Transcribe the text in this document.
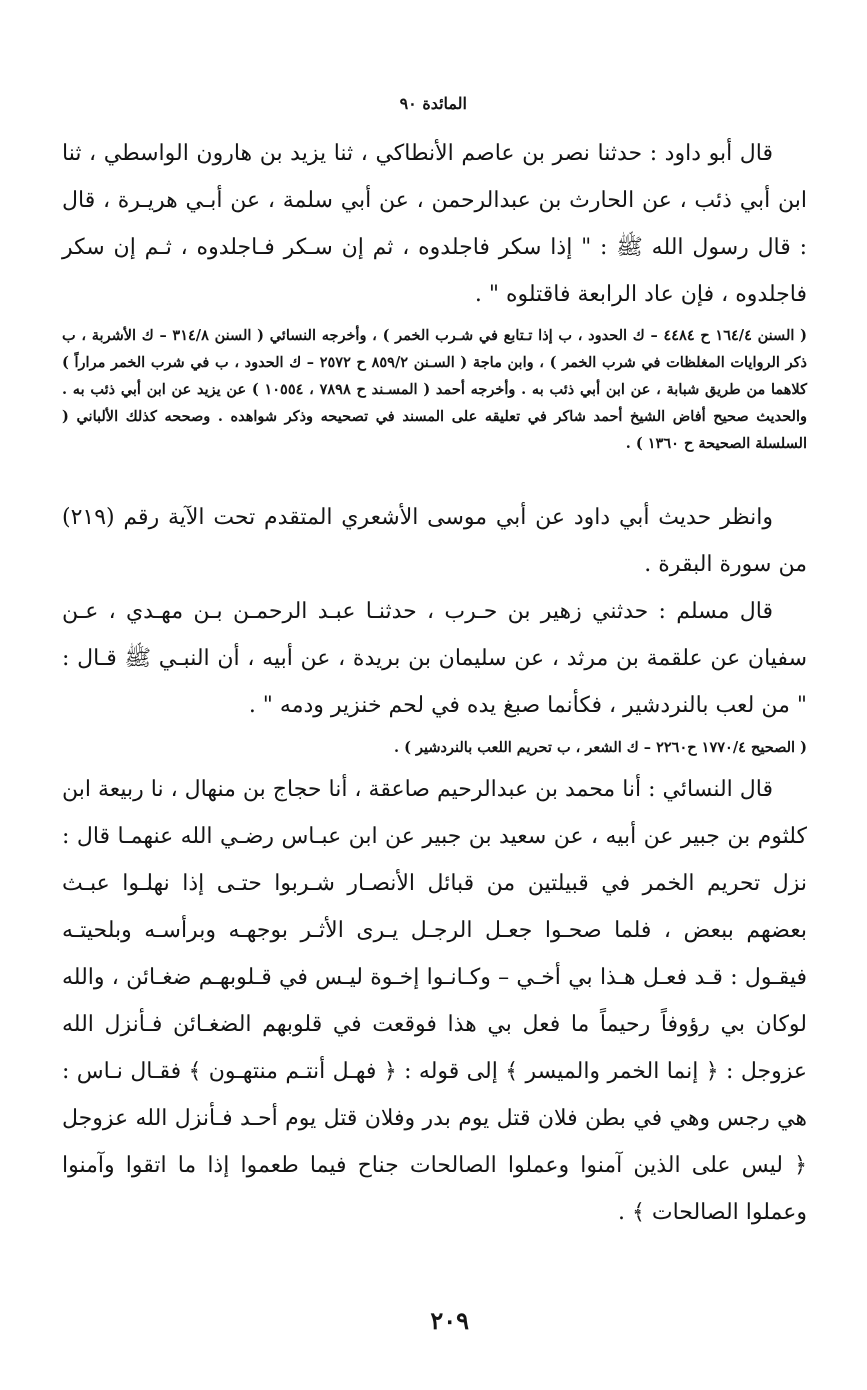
المائدة ٩٠
قال أبو داود : حدثنا نصر بن عاصم الأنطاكي ، ثنا يزيد بن هارون الواسطي ، ثنا ابن أبي ذئب ، عن الحارث بن عبدالرحمن ، عن أبي سلمة ، عن أبـي هريـرة ، قال : قال رسول الله ﷺ : " إذا سكر فاجلدوه ، ثم إن سـكر فـاجلدوه ، ثـم إن سكر فاجلدوه ، فإن عاد الرابعة فاقتلوه " .
( السنن ١٦٤/٤ ح ٤٤٨٤ – ك الحدود ، ب إذا تـتابع في شـرب الخمر ) ، وأخرجه النسائي ( السنن ٣١٤/٨ – ك الأشربة ، ب ذكر الروايات المغلظات في شرب الخمر ) ، وابن ماجة ( السـنن ٨٥٩/٢ ح ٢٥٧٢ – ك الحدود ، ب في شرب الخمر مراراً ) كلاهما من طريق شبابة ، عن ابن أبي ذئب به . وأخرجه أحمد ( المسـند ح ٧٨٩٨ ، ١٠٥٥٤ ) عن يزيد عن ابن أبي ذئب به . والحديث صحيح أفاض الشيخ أحمد شاكر في تعليقه على المسند في تصحيحه وذكر شواهده . وصححه كذلك الألباني ( السلسلة الصحيحة ح ١٣٦٠ ) .
وانظر حديث أبي داود عن أبي موسى الأشعري المتقدم تحت الآية رقم (٢١٩) من سورة البقرة .
قال مسلم : حدثني زهير بن حـرب ، حدثنـا عبـد الرحمـن بـن مهـدي ، عـن سفيان عن علقمة بن مرثد ، عن سليمان بن بريدة ، عن أبيه ، أن النبـي ﷺ قـال : " من لعب بالنردشير ، فكأنما صبغ يده في لحم خنزير ودمه " .
( الصحيح ١٧٧٠/٤ ح٢٢٦٠ – ك الشعر ، ب تحريم اللعب بالنردشير ) .
قال النسائي : أنا محمد بن عبدالرحيم صاعقة ، أنا حجاج بن منهال ، نا ربيعة ابن كلثوم بن جبير عن أبيه ، عن سعيد بن جبير عن ابن عبـاس رضـي الله عنهمـا قال : نزل تحريم الخمر في قبيلتين من قبائل الأنصـار شـربوا حتـى إذا نهلـوا عبـث بعضهم ببعض ، فلما صحـوا جعـل الرجـل يـرى الأثـر بوجهـه وبرأسـه وبلحيتـه فيقـول : قـد فعـل هـذا بي أخـي – وكـانـوا إخـوة ليـس في قـلوبهـم ضغـائن ، والله لوكان بي رؤوفاً رحيماً ما فعل بي هذا فوقعت في قلوبهم الضغـائن فـأنزل الله عزوجل : ﴿ إنما الخمر والميسر ﴾ إلى قوله : ﴿ فهـل أنتـم منتهـون ﴾ فقـال نـاس : هي رجس وهي في بطن فلان قتل يوم بدر وفلان قتل يوم أحـد فـأنزل الله عزوجل ﴿ ليس على الذين آمنوا وعملوا الصالحات جناح فيما طعموا إذا ما اتقوا وآمنوا وعملوا الصالحات ﴾ .
٢٠٩
